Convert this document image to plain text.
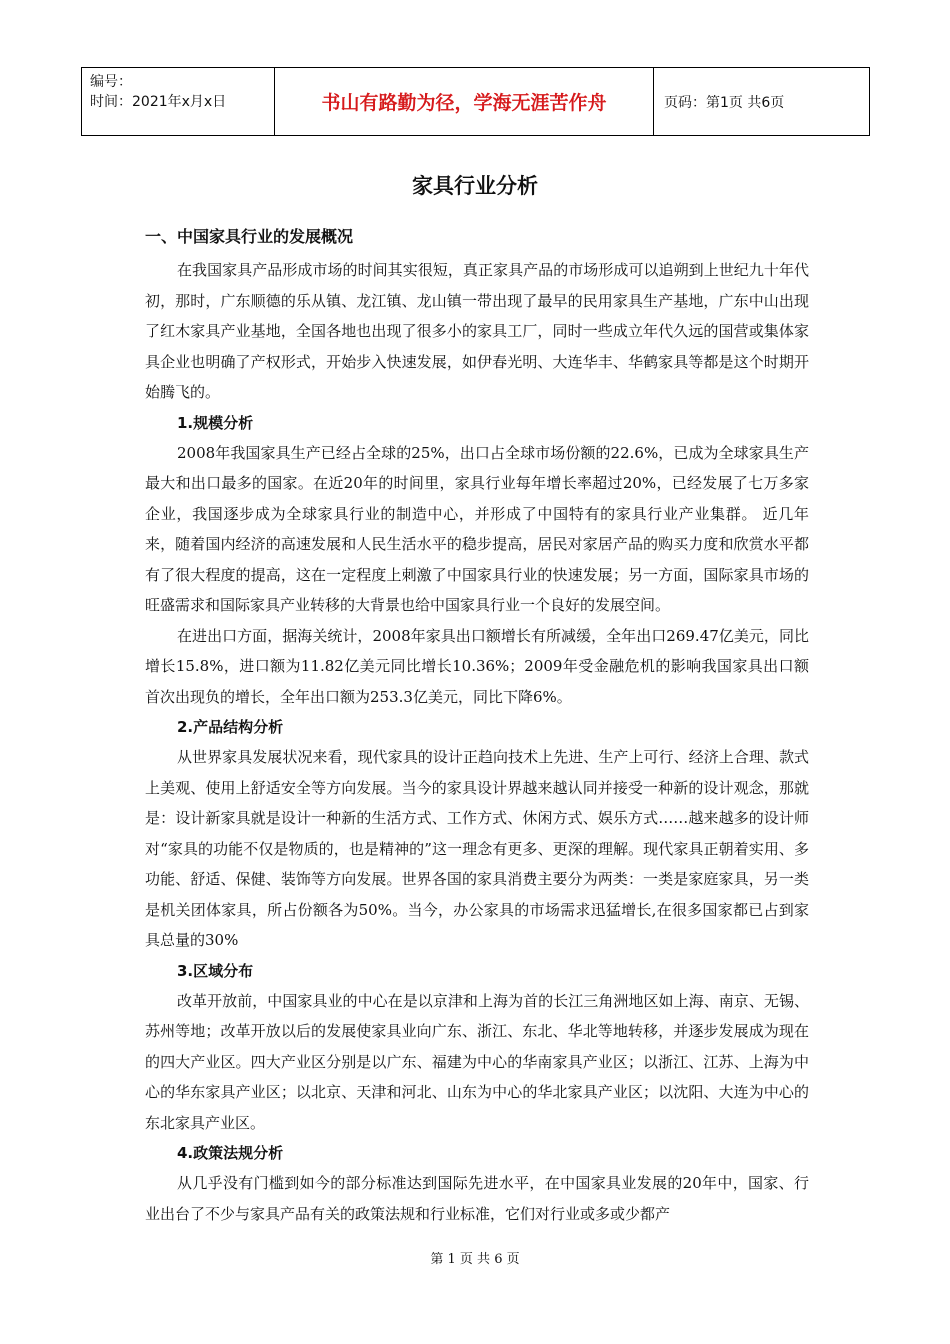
编号：
时间：2021年x月x日	书山有路勤为径，学海无涯苦作舟	页码：第1页 共6页
家具行业分析
一、中国家具行业的发展概况

在我国家具产品形成市场的时间其实很短，真正家具产品的市场形成可以追朔到上世纪九十年代初，那时，广东顺德的乐从镇、龙江镇、龙山镇一带出现了最早的民用家具生产基地，广东中山出现了红木家具产业基地，全国各地也出现了很多小的家具工厂，同时一些成立年代久远的国营或集体家具企业也明确了产权形式，开始步入快速发展，如伊春光明、大连华丰、华鹤家具等都是这个时期开始腾飞的。

1.规模分析

2008年我国家具生产已经占全球的25%，出口占全球市场份额的22.6%，已成为全球家具生产最大和出口最多的国家。在近20年的时间里，家具行业每年增长率超过20%，已经发展了七万多家企业，我国逐步成为全球家具行业的制造中心，并形成了中国特有的家具行业产业集群。 近几年来，随着国内经济的高速发展和人民生活水平的稳步提高，居民对家居产品的购买力度和欣赏水平都有了很大程度的提高，这在一定程度上刺激了中国家具行业的快速发展；另一方面，国际家具市场的旺盛需求和国际家具产业转移的大背景也给中国家具行业一个良好的发展空间。

在进出口方面，据海关统计，2008年家具出口额增长有所减缓，全年出口269.47亿美元，同比增长15.8%，进口额为11.82亿美元同比增长10.36%；2009年受金融危机的影响我国家具出口额首次出现负的增长，全年出口额为253.3亿美元，同比下降6%。

2.产品结构分析

从世界家具发展状况来看，现代家具的设计正趋向技术上先进、生产上可行、经济上合理、款式上美观、使用上舒适安全等方向发展。当今的家具设计界越来越认同并接受一种新的设计观念，那就是：设计新家具就是设计一种新的生活方式、工作方式、休闲方式、娱乐方式……越来越多的设计师对“家具的功能不仅是物质的，也是精神的”这一理念有更多、更深的理解。现代家具正朝着实用、多功能、舒适、保健、装饰等方向发展。世界各国的家具消费主要分为两类：一类是家庭家具，另一类是机关团体家具，所占份额各为50%。当今，办公家具的市场需求迅猛增长,在很多国家都已占到家具总量的30%

3.区域分布

改革开放前，中国家具业的中心在是以京津和上海为首的长江三角洲地区如上海、南京、无锡、苏州等地；改革开放以后的发展使家具业向广东、浙江、东北、华北等地转移，并逐步发展成为现在的四大产业区。四大产业区分别是以广东、福建为中心的华南家具产业区；以浙江、江苏、上海为中心的华东家具产业区；以北京、天津和河北、山东为中心的华北家具产业区；以沈阳、大连为中心的东北家具产业区。

4.政策法规分析

从几乎没有门槛到如今的部分标准达到国际先进水平，在中国家具业发展的20年中，国家、行业出台了不少与家具产品有关的政策法规和行业标准，它们对行业或多或少都产

第 1 页 共 6 页
